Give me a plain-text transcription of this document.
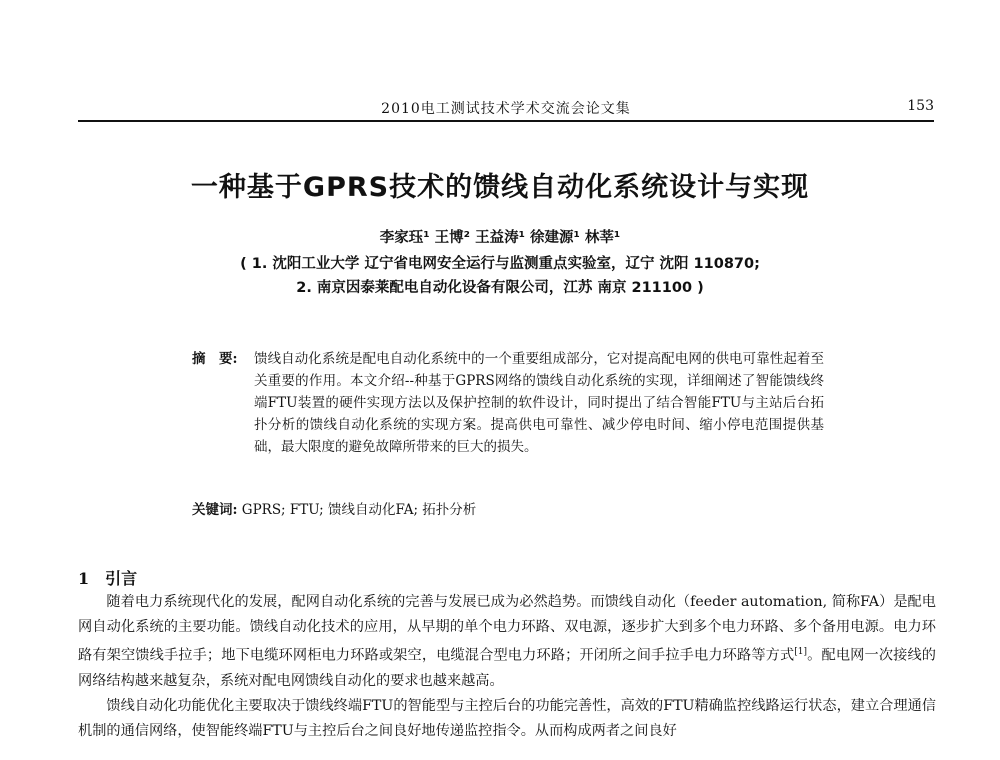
2010电工测试技术学术交流会论文集	153
一种基于GPRS技术的馈线自动化系统设计与实现
李家珏¹ 王博² 王益涛¹ 徐建源¹ 林莘¹
( 1. 沈阳工业大学 辽宁省电网安全运行与监测重点实验室，辽宁 沈阳 110870;
2. 南京因泰莱配电自动化设备有限公司，江苏 南京 211100 )
摘　要:	馈线自动化系统是配电自动化系统中的一个重要组成部分，它对提高配电网的供电可靠性起着至关重要的作用。本文介绍--种基于GPRS网络的馈线自动化系统的实现，详细阐述了智能馈线终端FTU装置的硬件实现方法以及保护控制的软件设计，同时提出了结合智能FTU与主站后台拓扑分析的馈线自动化系统的实现方案。提高供电可靠性、减少停电时间、缩小停电范围提供基础，最大限度的避免故障所带来的巨大的损失。
关键词: GPRS; FTU; 馈线自动化FA; 拓扑分析
1　引言

随着电力系统现代化的发展，配网自动化系统的完善与发展已成为必然趋势。而馈线自动化（feeder automation, 简称FA）是配电网自动化系统的主要功能。馈线自动化技术的应用，从早期的单个电力环路、双电源，逐步扩大到多个电力环路、多个备用电源。电力环路有架空馈线手拉手；地下电缆环网柜电力环路或架空，电缆混合型电力环路；开闭所之间手拉手电力环路等方式[1]。配电网一次接线的网络结构越来越复杂，系统对配电网馈线自动化的要求也越来越高。

馈线自动化功能优化主要取决于馈线终端FTU的智能型与主控后台的功能完善性，高效的FTU精确监控线路运行状态，建立合理通信机制的通信网络，使智能终端FTU与主控后台之间良好地传递监控指令。从而构成两者之间良好
